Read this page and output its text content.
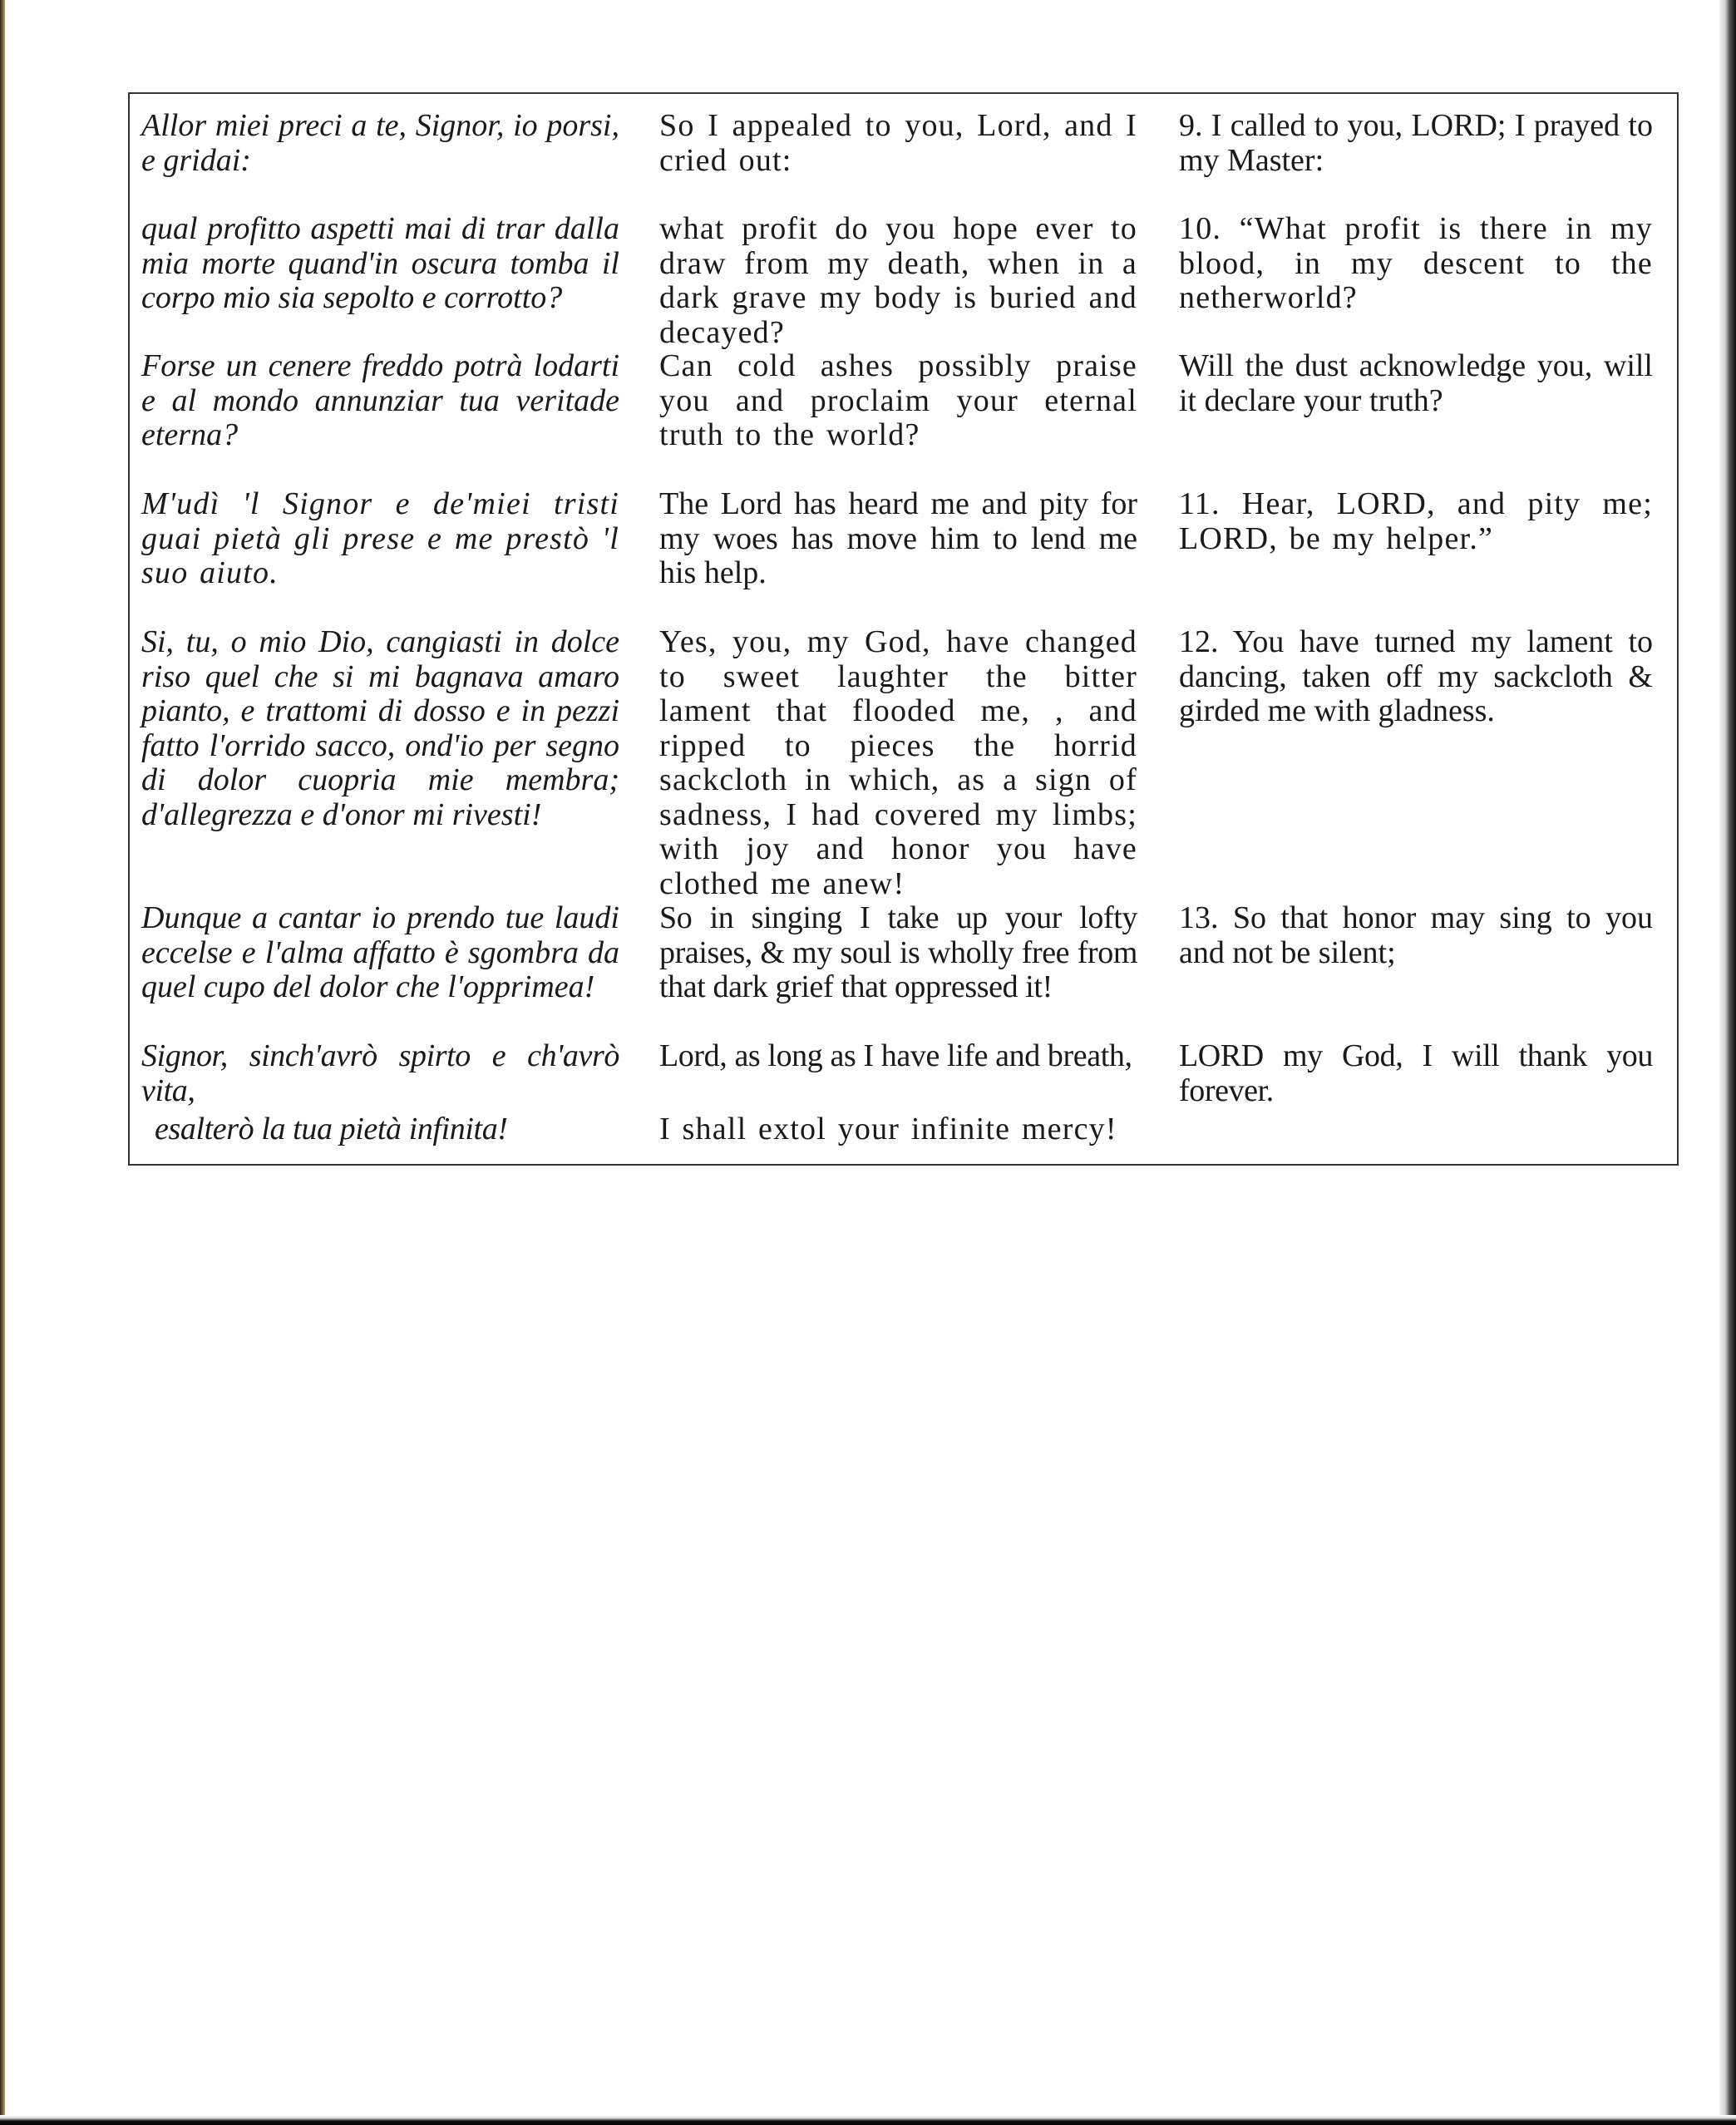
Allor miei preci a te, Signor, io porsi, e gridai:

So I appealed to you, Lord, and I cried out:

9. I called to you, LORD; I prayed to my Master:

qual profitto aspetti mai di trar dalla mia morte quand'in oscura tomba il corpo mio sia sepolto e corrotto?

what profit do you hope ever to draw from my death, when in a dark grave my body is buried and decayed?

10. “What profit is there in my blood, in my descent to the netherworld?

Forse un cenere freddo potrà lodarti e al mondo annunziar tua veritade eterna?

Can cold ashes possibly praise you and proclaim your eternal truth to the world?

Will the dust acknowledge you, will it declare your truth?

M'udì 'l Signor e de'miei tristi guai pietà gli prese e me prestò 'l suo aiuto.

The Lord has heard me and pity for my woes has move him to lend me his help.

11. Hear, LORD, and pity me; LORD, be my helper.”

Si, tu, o mio Dio, cangiasti in dolce riso quel che si mi bagnava amaro pianto, e trattomi di dosso e in pezzi fatto l'orrido sacco, ond'io per segno di dolor cuopria mie membra; d'allegrezza e d'onor mi rivesti!

Yes, you, my God, have changed to sweet laughter the bitter lament that flooded me, , and ripped to pieces the horrid sackcloth in which, as a sign of sadness, I had covered my limbs; with joy and honor you have clothed me anew!

12. You have turned my lament to dancing, taken off my sackcloth & girded me with gladness.

Dunque a cantar io prendo tue laudi eccelse e l'alma affatto è sgombra da quel cupo del dolor che l'opprimea!

So in singing I take up your lofty praises, & my soul is wholly free from that dark grief that oppressed it!

13. So that honor may sing to you and not be silent;

Signor, sinch'avrò spirto e ch'avrò vita,

Lord, as long as I have life and breath, LORD my God, I will thank you forever.

esalterò la tua pietà infinita!	I shall extol your infinite mercy!
